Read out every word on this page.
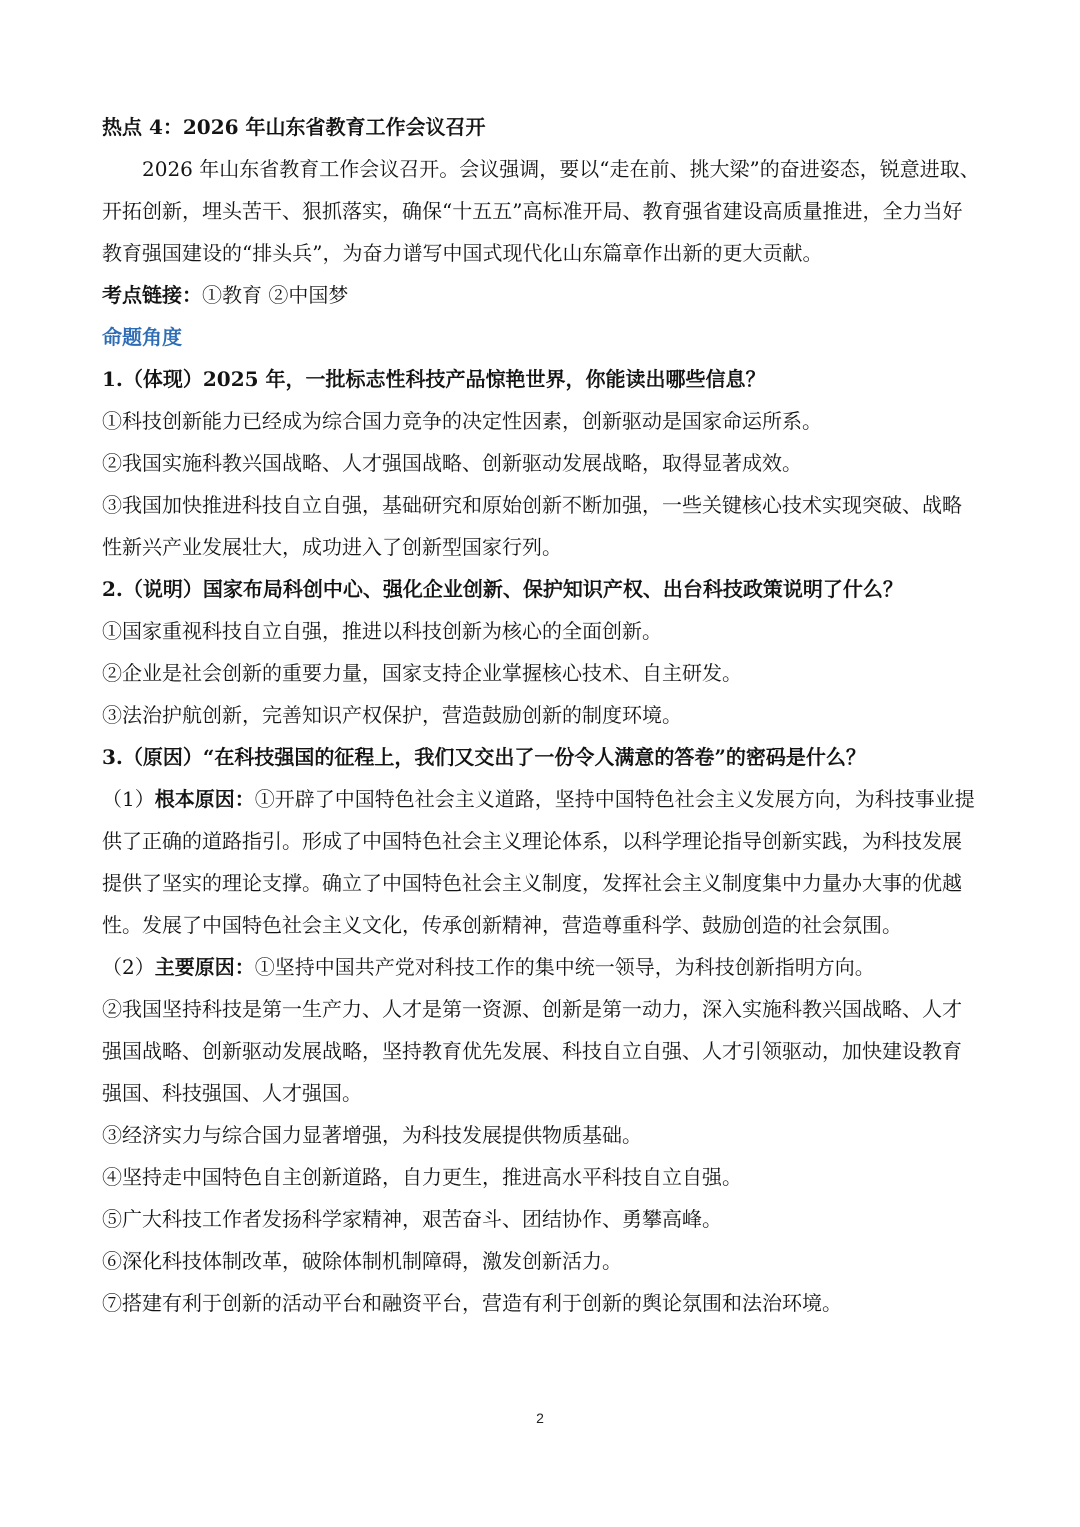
热点 4：2026 年山东省教育工作会议召开

2026 年山东省教育工作会议召开。会议强调，要以“走在前、挑大梁”的奋进姿态，锐意进取、开拓创新，埋头苦干、狠抓落实，确保“十五五”高标准开局、教育强省建设高质量推进，全力当好教育强国建设的“排头兵”，为奋力谱写中国式现代化山东篇章作出新的更大贡献。

考点链接：①教育 ②中国梦

命题角度

1.（体现）2025 年，一批标志性科技产品惊艳世界，你能读出哪些信息？

①科技创新能力已经成为综合国力竞争的决定性因素，创新驱动是国家命运所系。

②我国实施科教兴国战略、人才强国战略、创新驱动发展战略，取得显著成效。

③我国加快推进科技自立自强，基础研究和原始创新不断加强，一些关键核心技术实现突破、战略性新兴产业发展壮大，成功进入了创新型国家行列。

2.（说明）国家布局科创中心、强化企业创新、保护知识产权、出台科技政策说明了什么？

①国家重视科技自立自强，推进以科技创新为核心的全面创新。

②企业是社会创新的重要力量，国家支持企业掌握核心技术、自主研发。

③法治护航创新，完善知识产权保护，营造鼓励创新的制度环境。

3.（原因）“在科技强国的征程上，我们又交出了一份令人满意的答卷”的密码是什么？

（1）根本原因：①开辟了中国特色社会主义道路，坚持中国特色社会主义发展方向，为科技事业提供了正确的道路指引。形成了中国特色社会主义理论体系，以科学理论指导创新实践，为科技发展提供了坚实的理论支撑。确立了中国特色社会主义制度，发挥社会主义制度集中力量办大事的优越性。发展了中国特色社会主义文化，传承创新精神，营造尊重科学、鼓励创造的社会氛围。

（2）主要原因：①坚持中国共产党对科技工作的集中统一领导，为科技创新指明方向。

②我国坚持科技是第一生产力、人才是第一资源、创新是第一动力，深入实施科教兴国战略、人才强国战略、创新驱动发展战略，坚持教育优先发展、科技自立自强、人才引领驱动，加快建设教育强国、科技强国、人才强国。

③经济实力与综合国力显著增强，为科技发展提供物质基础。

④坚持走中国特色自主创新道路，自力更生，推进高水平科技自立自强。

⑤广大科技工作者发扬科学家精神，艰苦奋斗、团结协作、勇攀高峰。

⑥深化科技体制改革，破除体制机制障碍，激发创新活力。

⑦搭建有利于创新的活动平台和融资平台，营造有利于创新的舆论氛围和法治环境。

2
